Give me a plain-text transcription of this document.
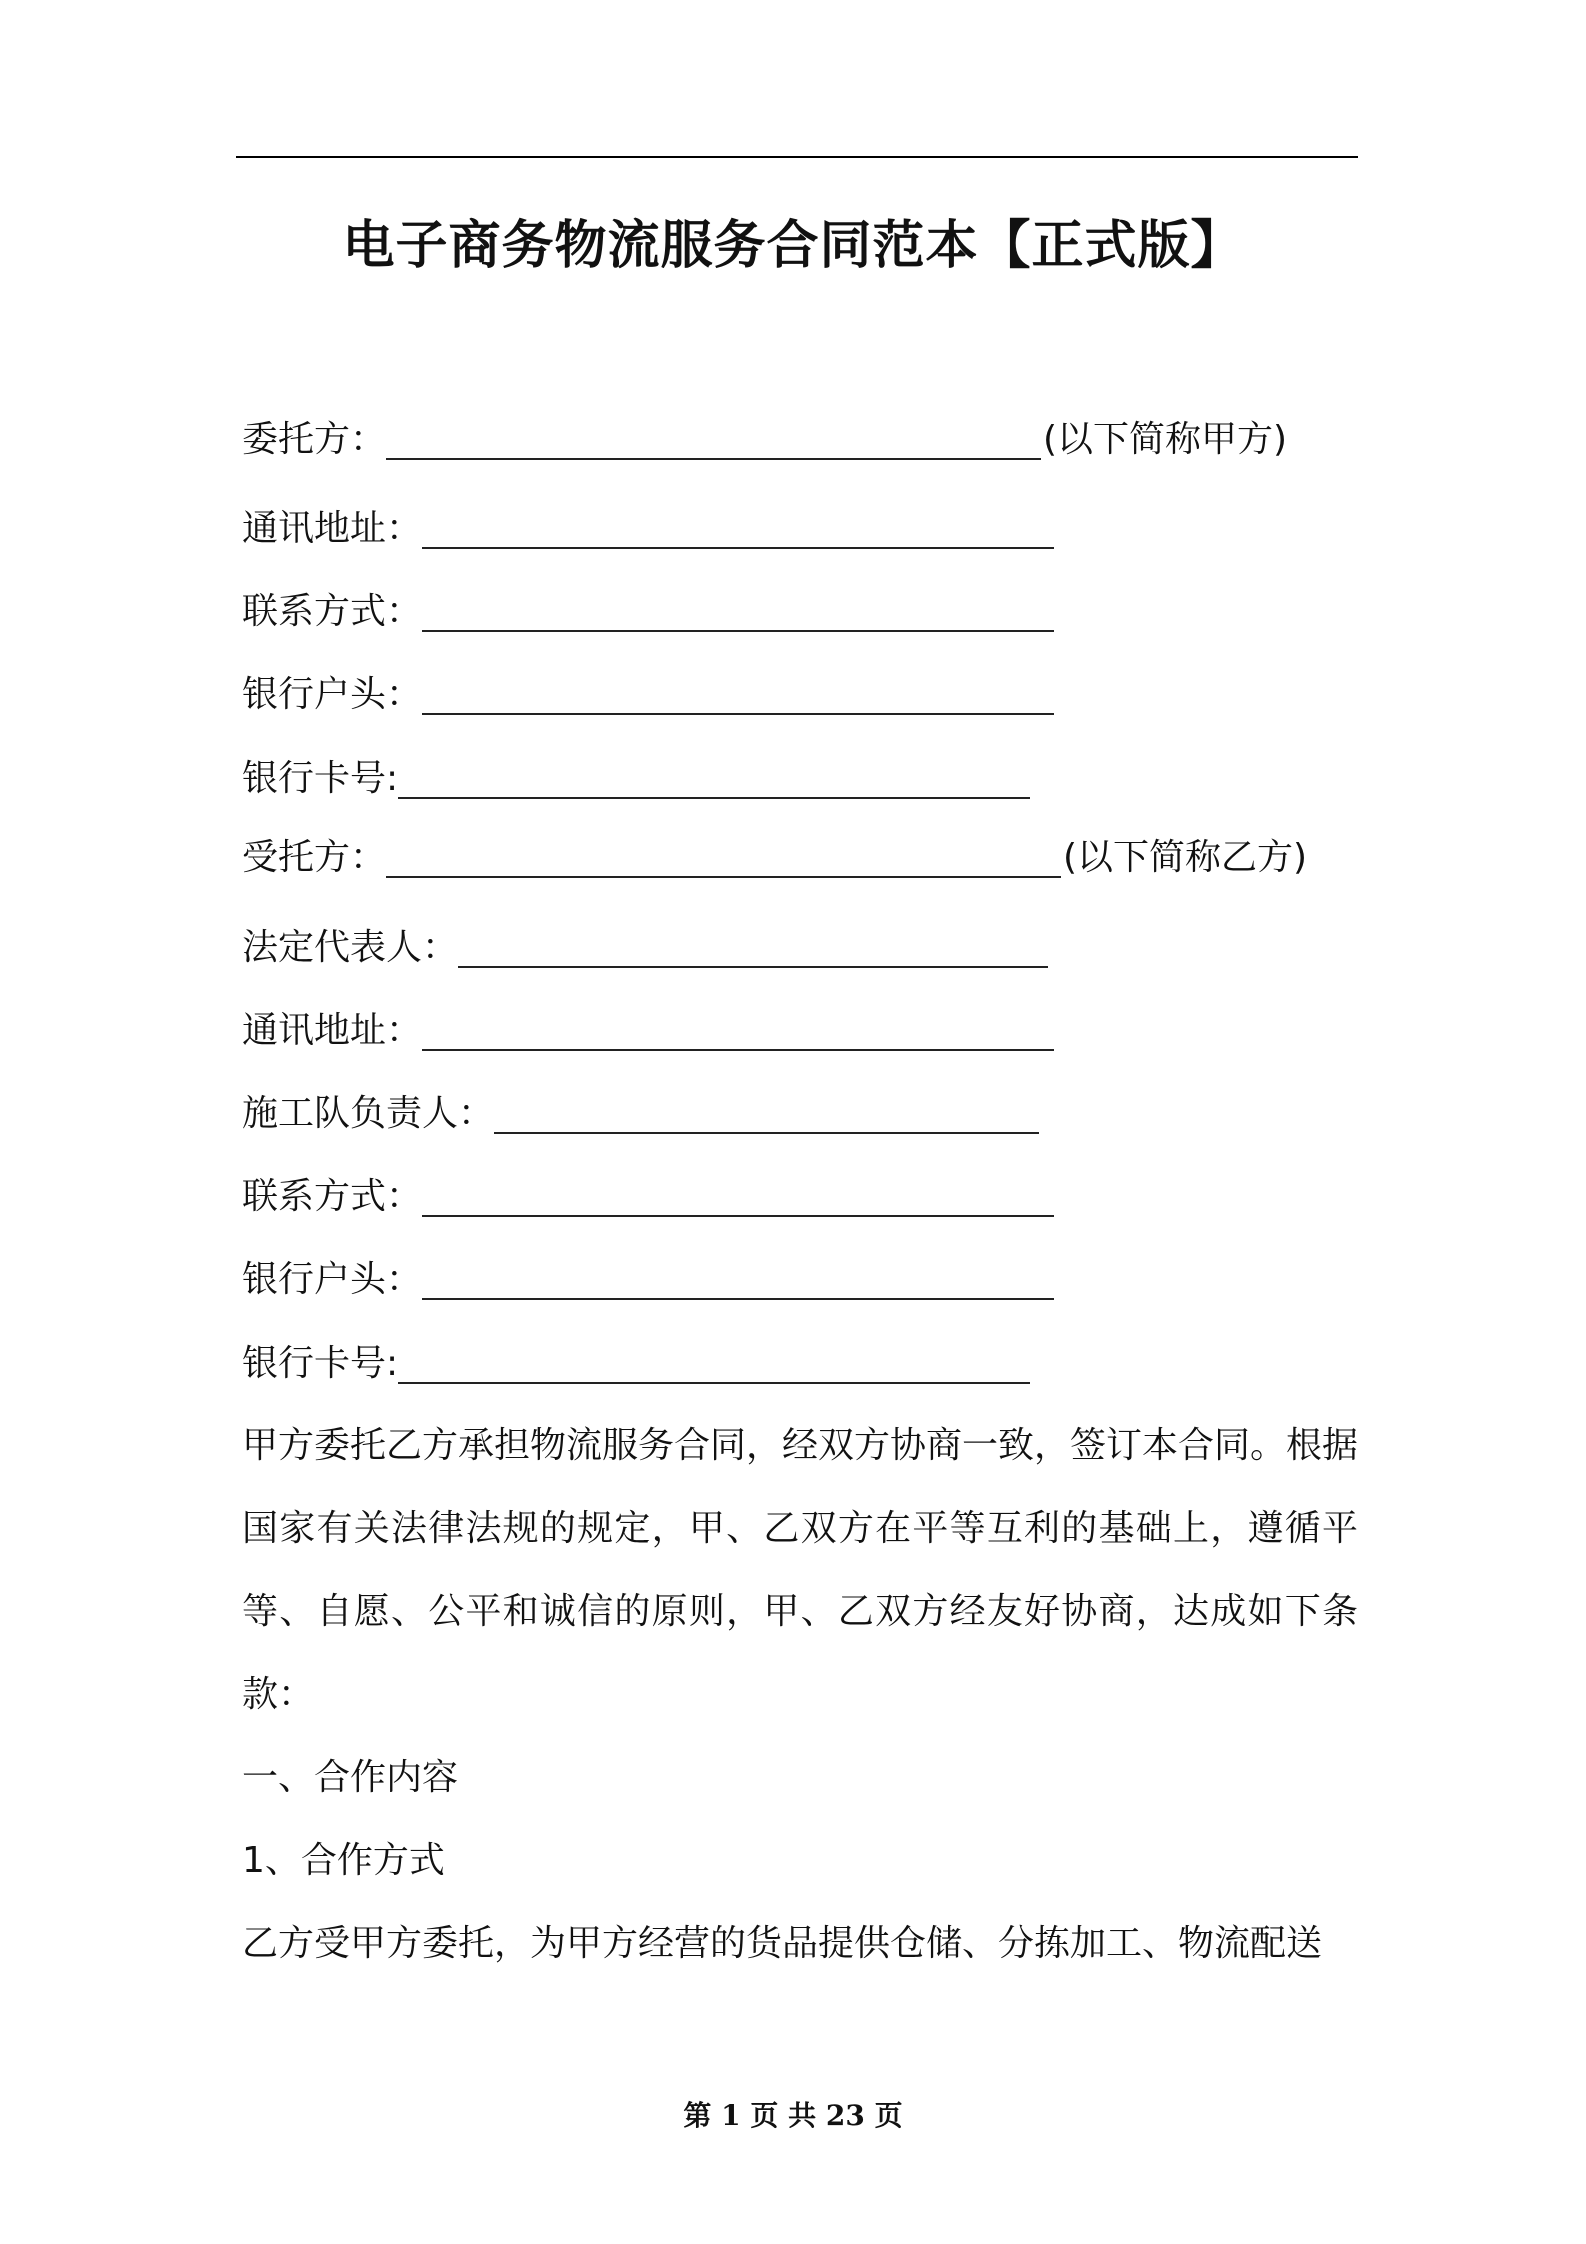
电子商务物流服务合同范本【正式版】
委托方：	(以下简称甲方)
通讯地址：
联系方式：
银行户头：
银行卡号:
受托方：	(以下简称乙方)
法定代表人：
通讯地址：
施工队负责人：
联系方式：
银行户头：
银行卡号:
甲方委托乙方承担物流服务合同，经双方协商一致，签订本合同。根据国家有关法律法规的规定，甲、乙双方在平等互利的基础上，遵循平等、自愿、公平和诚信的原则，甲、乙双方经友好协商，达成如下条款：
一、合作内容
1、合作方式
乙方受甲方委托，为甲方经营的货品提供仓储、分拣加工、物流配送
第 1 页 共 23 页
